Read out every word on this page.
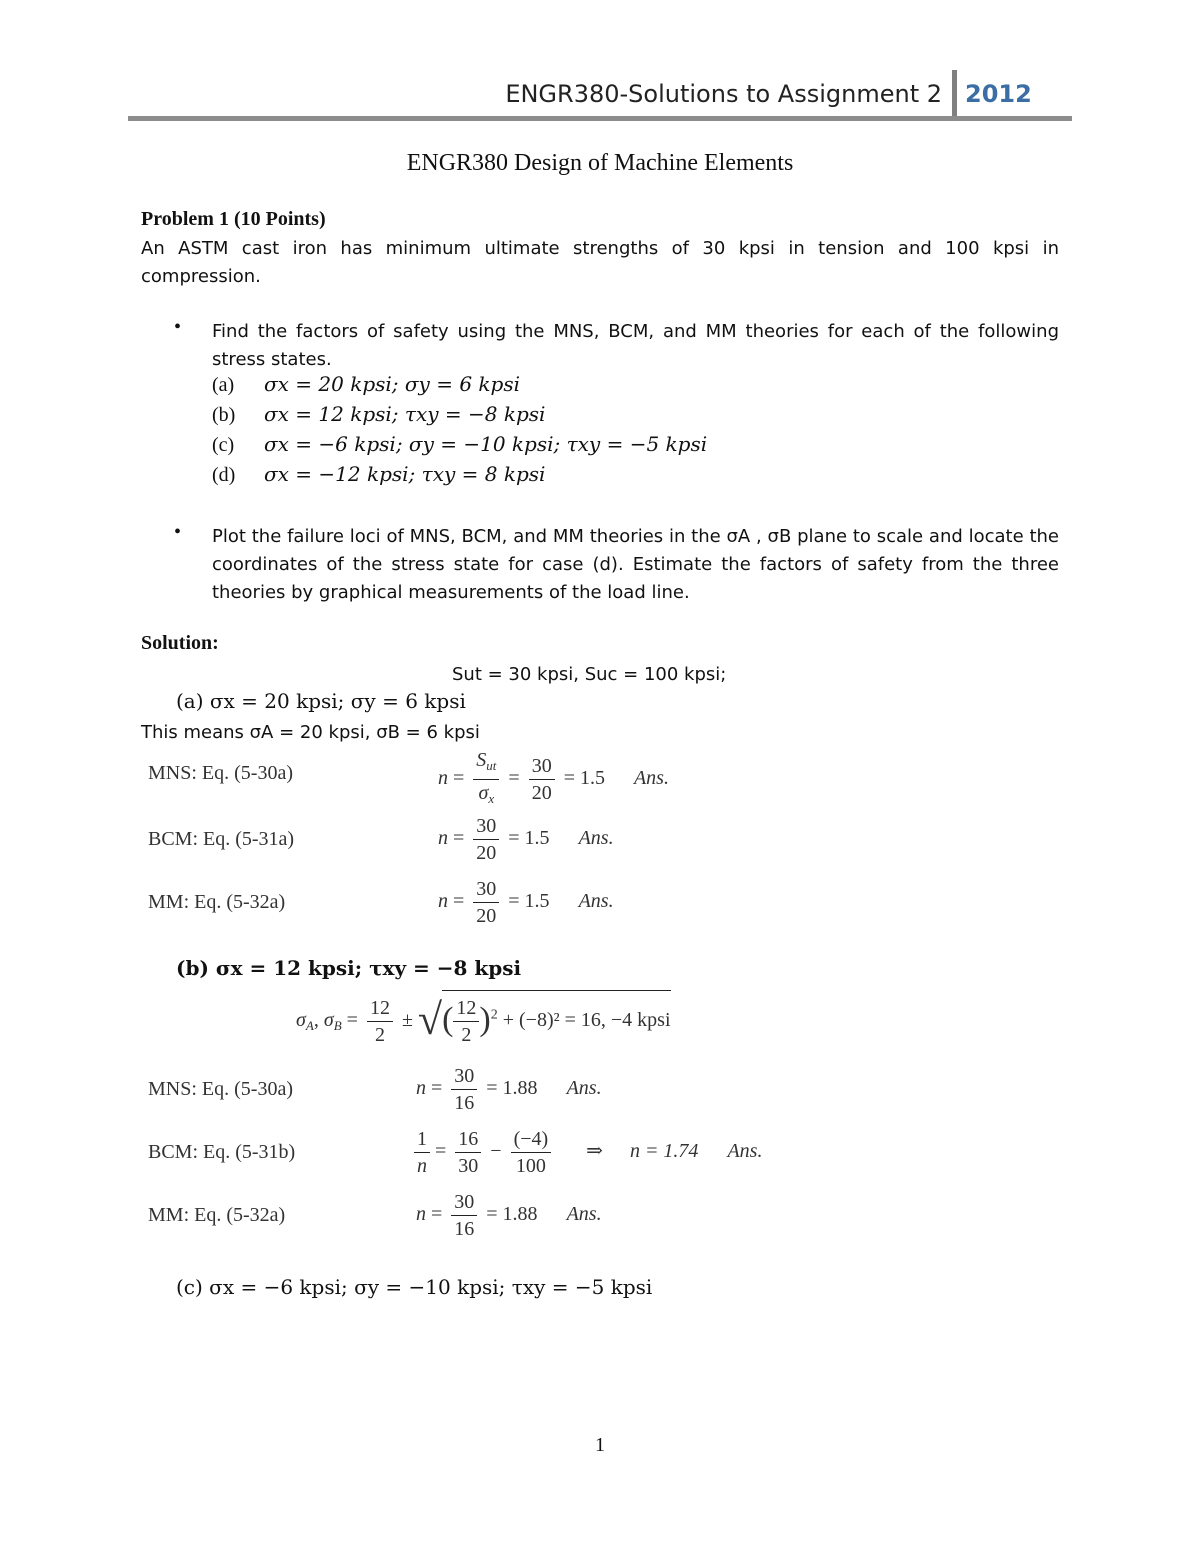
ENGR380-Solutions to Assignment 2 2012
ENGR380 Design of Machine Elements
Problem 1 (10 Points)
An ASTM cast iron has minimum ultimate strengths of 30 kpsi in tension and 100 kpsi in compression.
• Find the factors of safety using the MNS, BCM, and MM theories for each of the following stress states.
(a) σx = 20 kpsi; σy = 6 kpsi
(b) σx = 12 kpsi; τxy = −8 kpsi
(c) σx = −6 kpsi; σy = −10 kpsi; τxy = −5 kpsi
(d) σx = −12 kpsi; τxy = 8 kpsi
• Plot the failure loci of MNS, BCM, and MM theories in the σA , σB plane to scale and locate the coordinates of the stress state for case (d). Estimate the factors of safety from the three theories by graphical measurements of the load line.
Solution:
Sut = 30 kpsi, Suc = 100 kpsi;
(a) σx = 20 kpsi; σy = 6 kpsi
This means σA = 20 kpsi, σB = 6 kpsi
MNS: Eq. (5-30a)	$n = \frac{S_{ut}}{\sigma_x} = \frac{30}{20} = 1.5$ Ans.
BCM: Eq. (5-31a)	$n = \frac{30}{20} = 1.5$ Ans.
MM: Eq. (5-32a)	$n = \frac{30}{20} = 1.5$ Ans.
(b) σx = 12 kpsi; τxy = −8 kpsi
$\sigma_A$, $\sigma_B = \frac{12}{2}$ ± √( $\frac{12}{2} )^2 + (-8)^2 = 16$, −4 kpsi
MNS: Eq. (5-30a)	$n = \frac{30}{16} = 1.88$ Ans.
BCM: Eq. (5-31b)	$\frac{1}{n} = \frac{16}{30} - \frac{(-4)}{100}$ ⇒ n = 1.74 Ans.
MM: Eq. (5-32a)	$n = \frac{30}{16} = 1.88$ Ans.
(c) σx = −6 kpsi; σy = −10 kpsi; τxy = −5 kpsi
1
